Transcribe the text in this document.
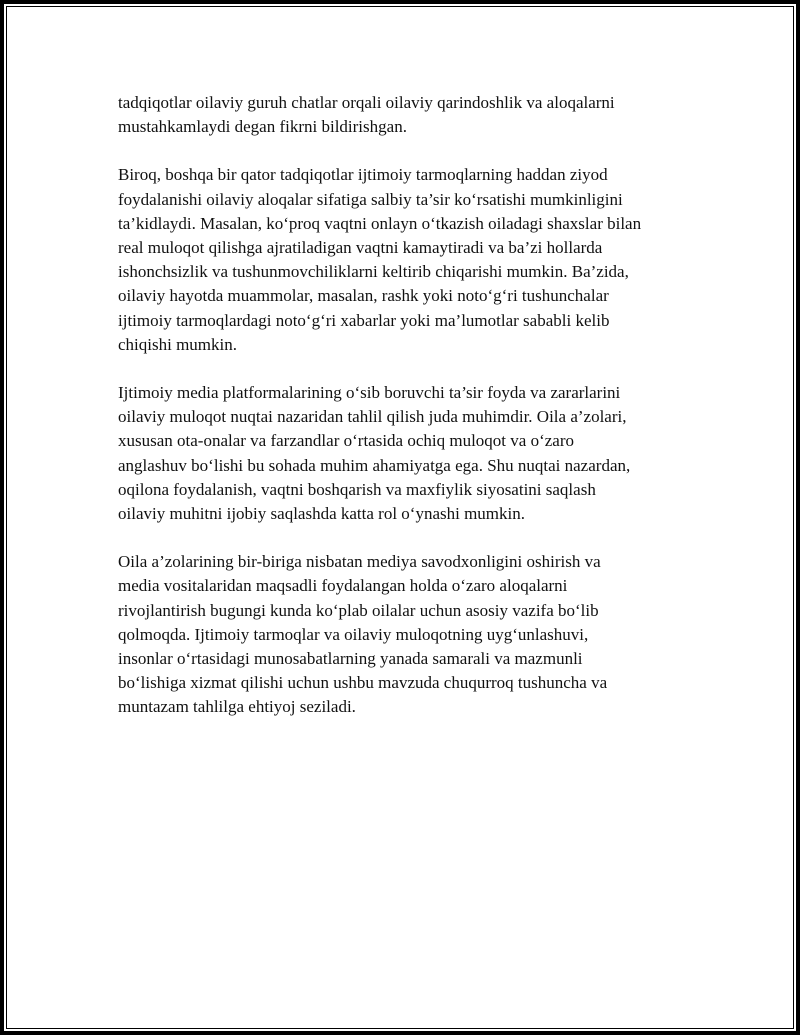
tadqiqotlar oilaviy guruh chatlar orqali oilaviy qarindoshlik va aloqalarni
mustahkamlaydi degan fikrni bildirishgan.

Biroq, boshqa bir qator tadqiqotlar ijtimoiy tarmoqlarning haddan ziyod
foydalanishi oilaviy aloqalar sifatiga salbiy ta’sir ko‘rsatishi mumkinligini
ta’kidlaydi. Masalan, ko‘proq vaqtni onlayn o‘tkazish oiladagi shaxslar bilan
real muloqot qilishga ajratiladigan vaqtni kamaytiradi va ba’zi hollarda
ishonchsizlik va tushunmovchiliklarni keltirib chiqarishi mumkin. Ba’zida,
oilaviy hayotda muammolar, masalan, rashk yoki noto‘g‘ri tushunchalar
ijtimoiy tarmoqlardagi noto‘g‘ri xabarlar yoki ma’lumotlar sababli kelib
chiqishi mumkin.

Ijtimoiy media platformalarining o‘sib boruvchi ta’sir foyda va zararlarini
oilaviy muloqot nuqtai nazaridan tahlil qilish juda muhimdir. Oila a’zolari,
xususan ota-onalar va farzandlar o‘rtasida ochiq muloqot va o‘zaro
anglashuv bo‘lishi bu sohada muhim ahamiyatga ega. Shu nuqtai nazardan,
oqilona foydalanish, vaqtni boshqarish va maxfiylik siyosatini saqlash
oilaviy muhitni ijobiy saqlashda katta rol o‘ynashi mumkin.

Oila a’zolarining bir-biriga nisbatan mediya savodxonligini oshirish va
media vositalaridan maqsadli foydalangan holda o‘zaro aloqalarni
rivojlantirish bugungi kunda ko‘plab oilalar uchun asosiy vazifa bo‘lib
qolmoqda. Ijtimoiy tarmoqlar va oilaviy muloqotning uyg‘unlashuvi,
insonlar o‘rtasidagi munosabatlarning yanada samarali va mazmunli
bo‘lishiga xizmat qilishi uchun ushbu mavzuda chuqurroq tushuncha va
muntazam tahlilga ehtiyoj seziladi.
